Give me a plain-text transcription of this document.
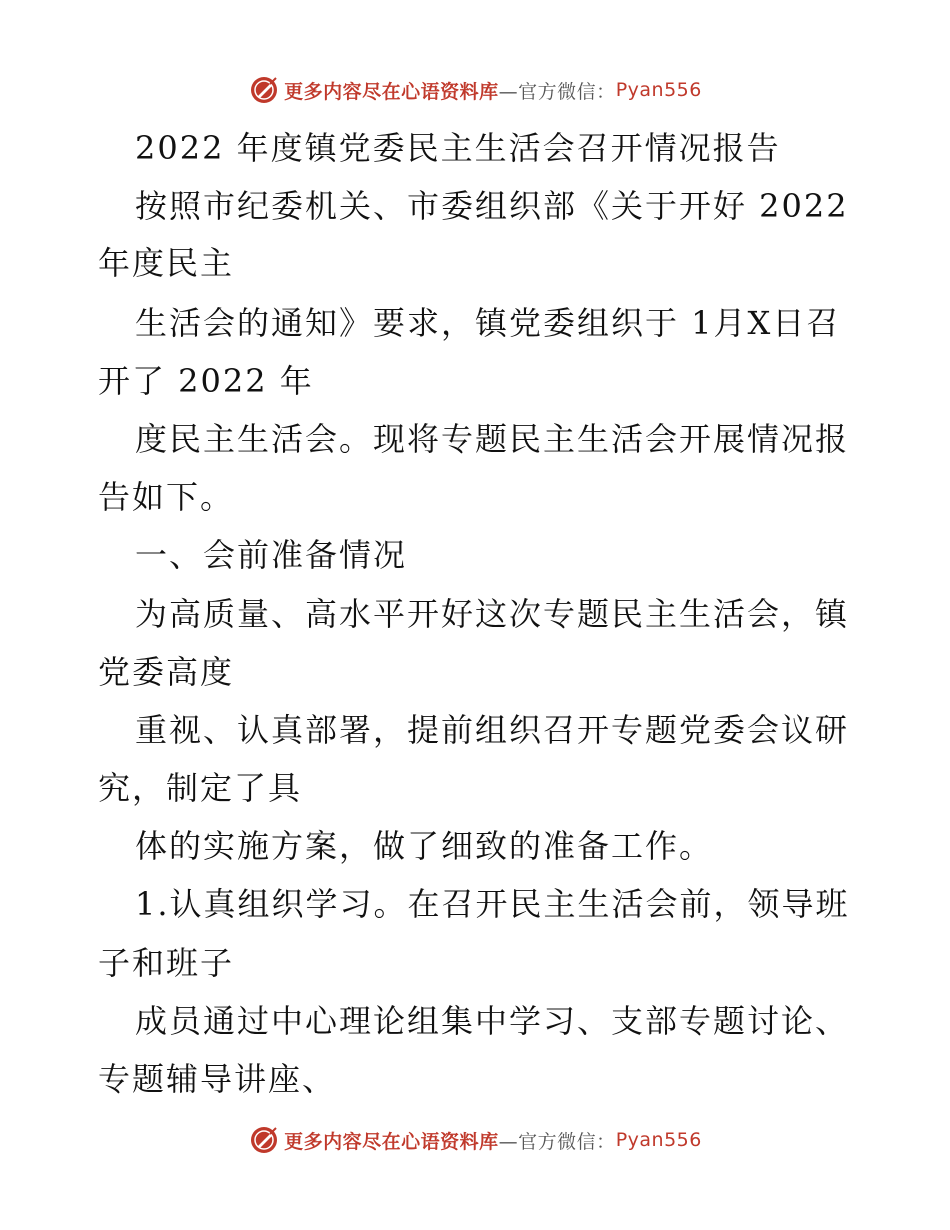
更多内容尽在心语资料库 —官方微信： Pyan556
2022 年度镇党委民主生活会召开情况报告
按照市纪委机关、市委组织部《关于开好 2022
年度民主
生活会的通知》要求，镇党委组织于 1月X日召
开了 2022 年
度民主生活会。现将专题民主生活会开展情况报
告如下。
一、会前准备情况
为高质量、高水平开好这次专题民主生活会，镇
党委高度
重视、认真部署，提前组织召开专题党委会议研
究，制定了具
体的实施方案，做了细致的准备工作。
1.认真组织学习。在召开民主生活会前，领导班
子和班子
成员通过中心理论组集中学习、支部专题讨论、
专题辅导讲座、
更多内容尽在心语资料库 —官方微信： Pyan556
